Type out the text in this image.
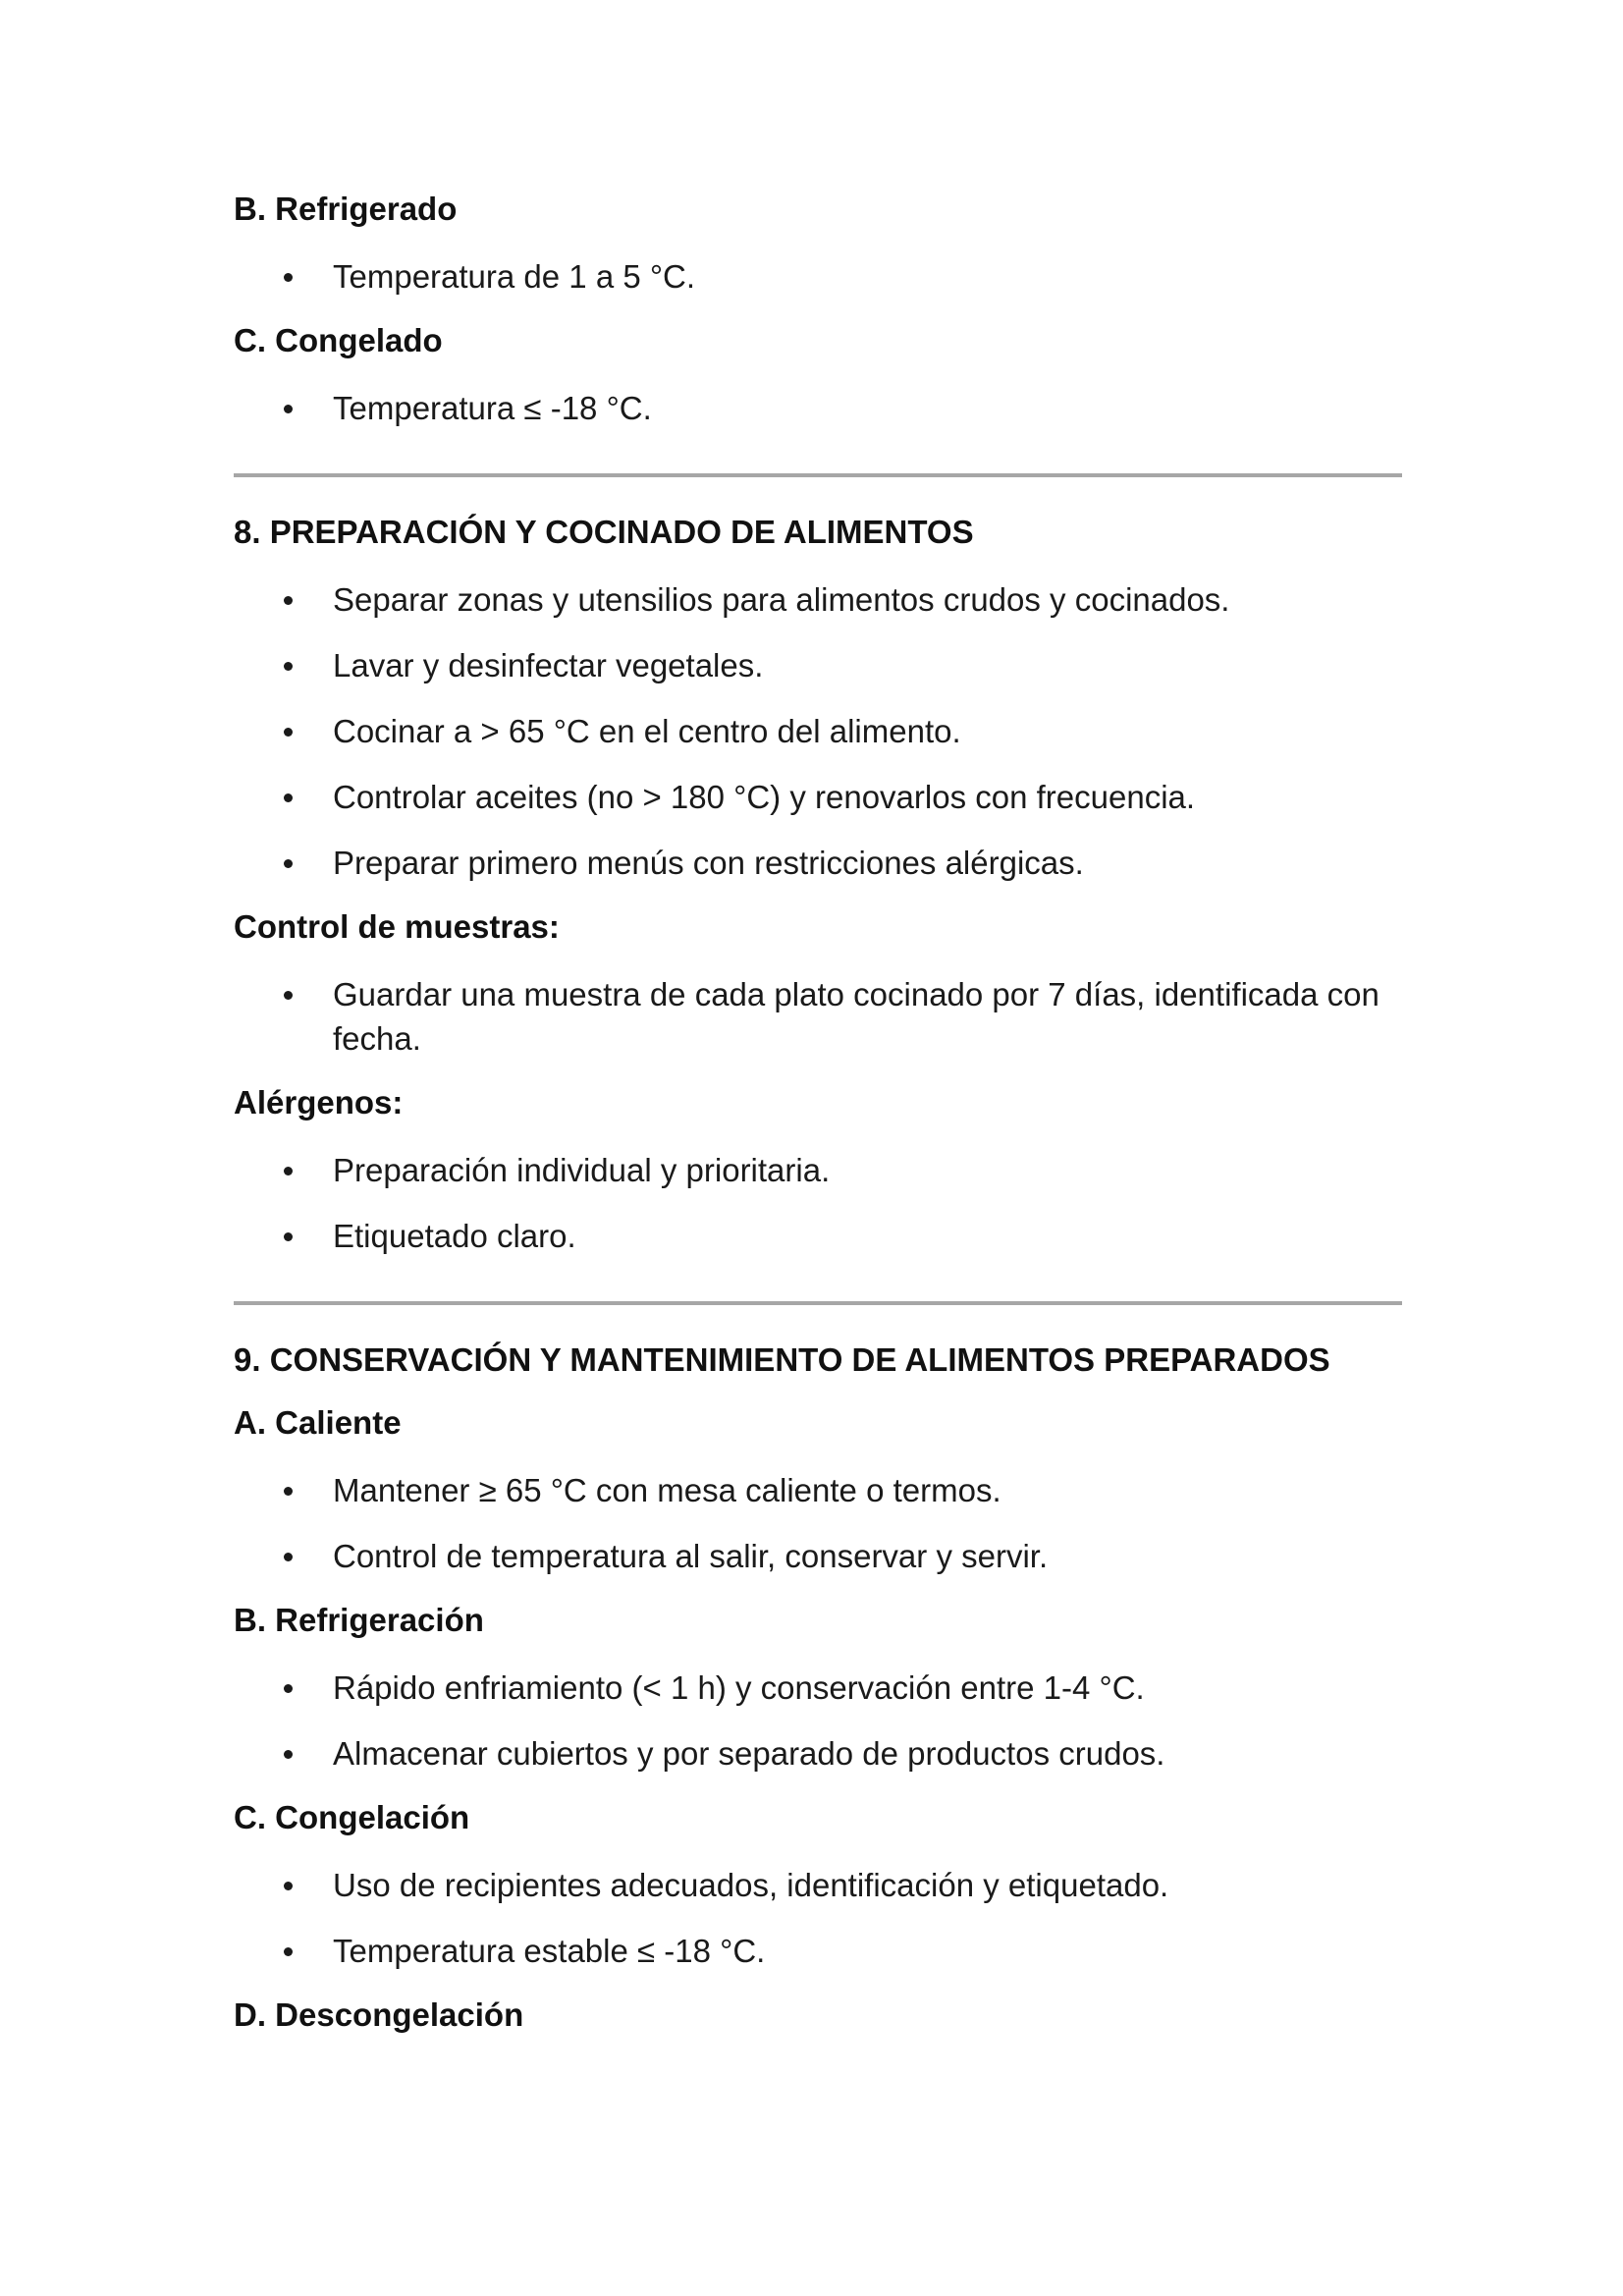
B. Refrigerado
Temperatura de 1 a 5 °C.
C. Congelado
Temperatura ≤ -18 °C.
8. PREPARACIÓN Y COCINADO DE ALIMENTOS
Separar zonas y utensilios para alimentos crudos y cocinados.
Lavar y desinfectar vegetales.
Cocinar a > 65 °C en el centro del alimento.
Controlar aceites (no > 180 °C) y renovarlos con frecuencia.
Preparar primero menús con restricciones alérgicas.
Control de muestras:
Guardar una muestra de cada plato cocinado por 7 días, identificada con fecha.
Alérgenos:
Preparación individual y prioritaria.
Etiquetado claro.
9. CONSERVACIÓN Y MANTENIMIENTO DE ALIMENTOS PREPARADOS
A. Caliente
Mantener ≥ 65 °C con mesa caliente o termos.
Control de temperatura al salir, conservar y servir.
B. Refrigeración
Rápido enfriamiento (< 1 h) y conservación entre 1-4 °C.
Almacenar cubiertos y por separado de productos crudos.
C. Congelación
Uso de recipientes adecuados, identificación y etiquetado.
Temperatura estable ≤ -18 °C.
D. Descongelación
